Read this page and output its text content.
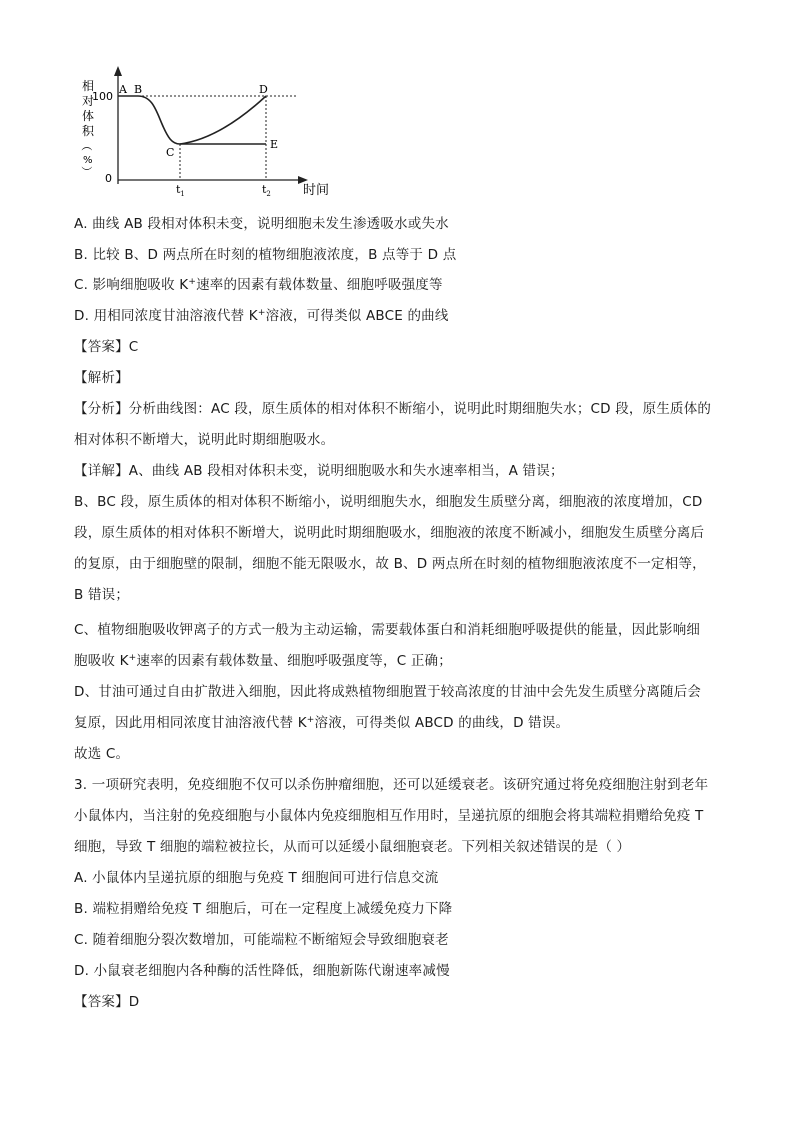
相
对
体
积
（
%
）
100
0
A B
C
D
E
$t_1$	$t_2$ 时间
A. 曲线 AB 段相对体积未变，说明细胞未发生渗透吸水或失水
B. 比较 B、D 两点所在时刻的植物细胞液浓度，B 点等于 D 点
C. 影响细胞吸收 K+速率的因素有载体数量、细胞呼吸强度等
D. 用相同浓度甘油溶液代替 K+溶液，可得类似 ABCE 的曲线
【答案】C
【解析】
【分析】分析曲线图：AC 段，原生质体的相对体积不断缩小，说明此时期细胞失水；CD 段，原生质体的
相对体积不断增大，说明此时期细胞吸水。
【详解】A、曲线 AB 段相对体积未变，说明细胞吸水和失水速率相当，A 错误；
B、BC 段，原生质体的相对体积不断缩小，说明细胞失水，细胞发生质壁分离，细胞液的浓度增加，CD
段，原生质体的相对体积不断增大，说明此时期细胞吸水，细胞液的浓度不断减小，细胞发生质壁分离后
的复原，由于细胞壁的限制，细胞不能无限吸水，故 B、D 两点所在时刻的植物细胞液浓度不一定相等，
B 错误；
C、植物细胞吸收钾离子的方式一般为主动运输，需要载体蛋白和消耗细胞呼吸提供的能量，因此影响细
胞吸收 K+速率的因素有载体数量、细胞呼吸强度等，C 正确；
D、甘油可通过自由扩散进入细胞，因此将成熟植物细胞置于较高浓度的甘油中会先发生质壁分离随后会
复原，因此用相同浓度甘油溶液代替 K+溶液，可得类似 ABCD 的曲线，D 错误。
故选 C。
3. 一项研究表明，免疫细胞不仅可以杀伤肿瘤细胞，还可以延缓衰老。该研究通过将免疫细胞注射到老年
小鼠体内，当注射的免疫细胞与小鼠体内免疫细胞相互作用时，呈递抗原的细胞会将其端粒捐赠给免疫 T
细胞，导致 T 细胞的端粒被拉长，从而可以延缓小鼠细胞衰老。下列相关叙述错误的是（ ）
A. 小鼠体内呈递抗原的细胞与免疫 T 细胞间可进行信息交流
B. 端粒捐赠给免疫 T 细胞后，可在一定程度上减缓免疫力下降
C. 随着细胞分裂次数增加，可能端粒不断缩短会导致细胞衰老
D. 小鼠衰老细胞内各种酶的活性降低，细胞新陈代谢速率减慢
【答案】D
